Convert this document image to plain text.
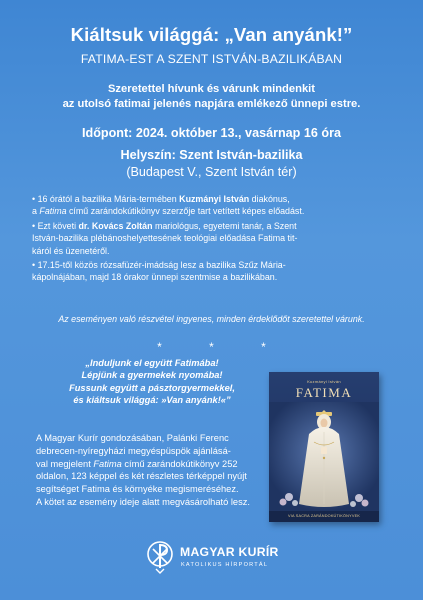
Kiáltsuk világgá: „Van anyánk!”
FATIMA-EST A SZENT ISTVÁN-BAZILIKÁBAN
Szeretettel hívunk és várunk mindenkit
az utolsó fatimai jelenés napjára emlékező ünnepi estre.
Időpont: 2024. október 13., vasárnap 16 óra
Helyszín: Szent István-bazilika
(Budapest V., Szent István tér)
• 16 órától a bazilika Mária-termében Kuzmányi István diakónus,
a Fatima című zarándokútikönyv szerzője tart vetített képes előadást.
• Ezt követi dr. Kovács Zoltán mariológus, egyetemi tanár, a Szent
István-bazilika plébánoshelyettesének teológiai előadása Fatima tit-
káról és üzenetéről.
• 17.15-től közös rózsafüzér-imádság lesz a bazilika Szűz Mária-
kápolnájában, majd 18 órakor ünnepi szentmise a bazilikában.
Az eseményen való részvétel ingyenes, minden érdeklődőt szeretettel várunk.
* * *
„Induljunk el együtt Fatimába!
Lépjünk a gyermekek nyomába!
Fussunk együtt a pásztorgyermekkel,
és kiáltsuk világgá: »Van anyánk!«”
A Magyar Kurír gondozásában, Palánki Ferenc
debrecen-nyíregyházi megyéspüspök ajánlásá-
val megjelent Fatima című zarándokútikönyv 252
oldalon, 123 képpel és két részletes térképpel nyújt
segítséget Fatima és környéke megismeréséhez.
A kötet az esemény ideje alatt megvásárolható lesz.
Kuzmányi István
FATIMA
VIA SACRA ZARÁNDOKÚTIKÖNYVEK
MAGYAR KURÍR
KATOLIKUS HÍRPORTÁL
